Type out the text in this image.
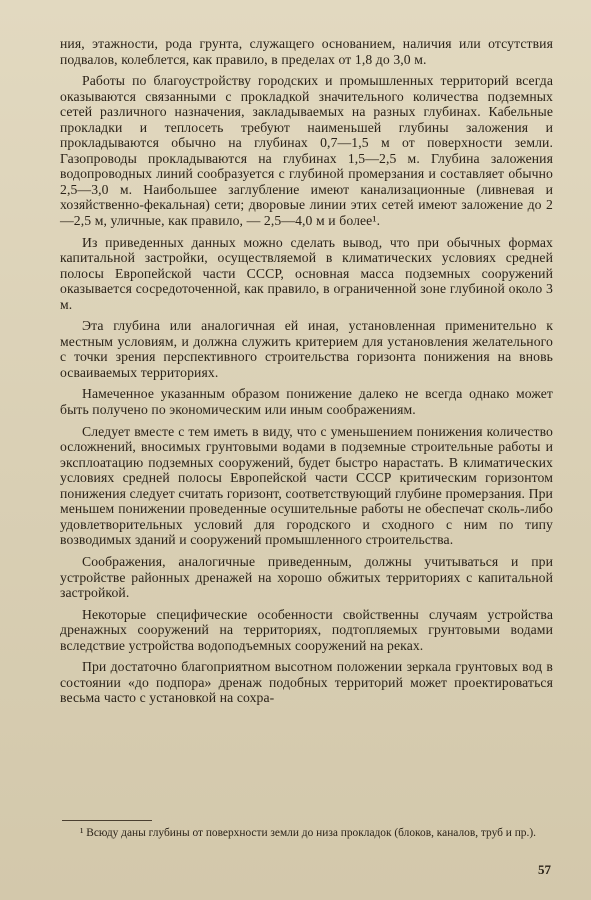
ния, этажности, рода грунта, служащего основанием, наличия или отсутствия подвалов, колеблется, как правило, в пределах от 1,8 до 3,0 м.

Работы по благоустройству городских и промышленных территорий всегда оказываются связанными с прокладкой значительного количества подземных сетей различного назначения, закладываемых на разных глубинах. Кабельные прокладки и теплосеть требуют наименьшей глубины заложения и прокладываются обычно на глубинах 0,7—1,5 м от поверхности земли. Газопроводы прокладываются на глубинах 1,5—2,5 м. Глубина заложения водопроводных линий сообразуется с глубиной промерзания и составляет обычно 2,5—3,0 м. Наибольшее заглубление имеют канализационные (ливневая и хозяйственно-фекальная) сети; дворовые линии этих сетей имеют заложение до 2—2,5 м, уличные, как правило, — 2,5—4,0 м и более¹.

Из приведенных данных можно сделать вывод, что при обычных формах капитальной застройки, осуществляемой в климатических условиях средней полосы Европейской части СССР, основная масса подземных сооружений оказывается сосредоточенной, как правило, в ограниченной зоне глубиной около 3 м.

Эта глубина или аналогичная ей иная, установленная применительно к местным условиям, и должна служить критерием для установления желательного с точки зрения перспективного строительства горизонта понижения на вновь осваиваемых территориях.

Намеченное указанным образом понижение далеко не всегда однако может быть получено по экономическим или иным соображениям.

Следует вместе с тем иметь в виду, что с уменьшением понижения количество осложнений, вносимых грунтовыми водами в подземные строительные работы и эксплоатацию подземных сооружений, будет быстро нарастать. В климатических условиях средней полосы Европейской части СССР критическим горизонтом понижения следует считать горизонт, соответствующий глубине промерзания. При меньшем понижении проведенные осушительные работы не обеспечат сколь-либо удовлетворительных условий для городского и сходного с ним по типу возводимых зданий и сооружений промышленного строительства.

Соображения, аналогичные приведенным, должны учитываться и при устройстве районных дренажей на хорошо обжитых территориях с капитальной застройкой.

Некоторые специфические особенности свойственны случаям устройства дренажных сооружений на территориях, подтопляемых грунтовыми водами вследствие устройства водоподъемных сооружений на реках.

При достаточно благоприятном высотном положении зеркала грунтовых вод в состоянии «до подпора» дренаж подобных территорий может проектироваться весьма часто с установкой на сохра-

¹ Всюду даны глубины от поверхности земли до низа прокладок (блоков, каналов, труб и пр.).

57
